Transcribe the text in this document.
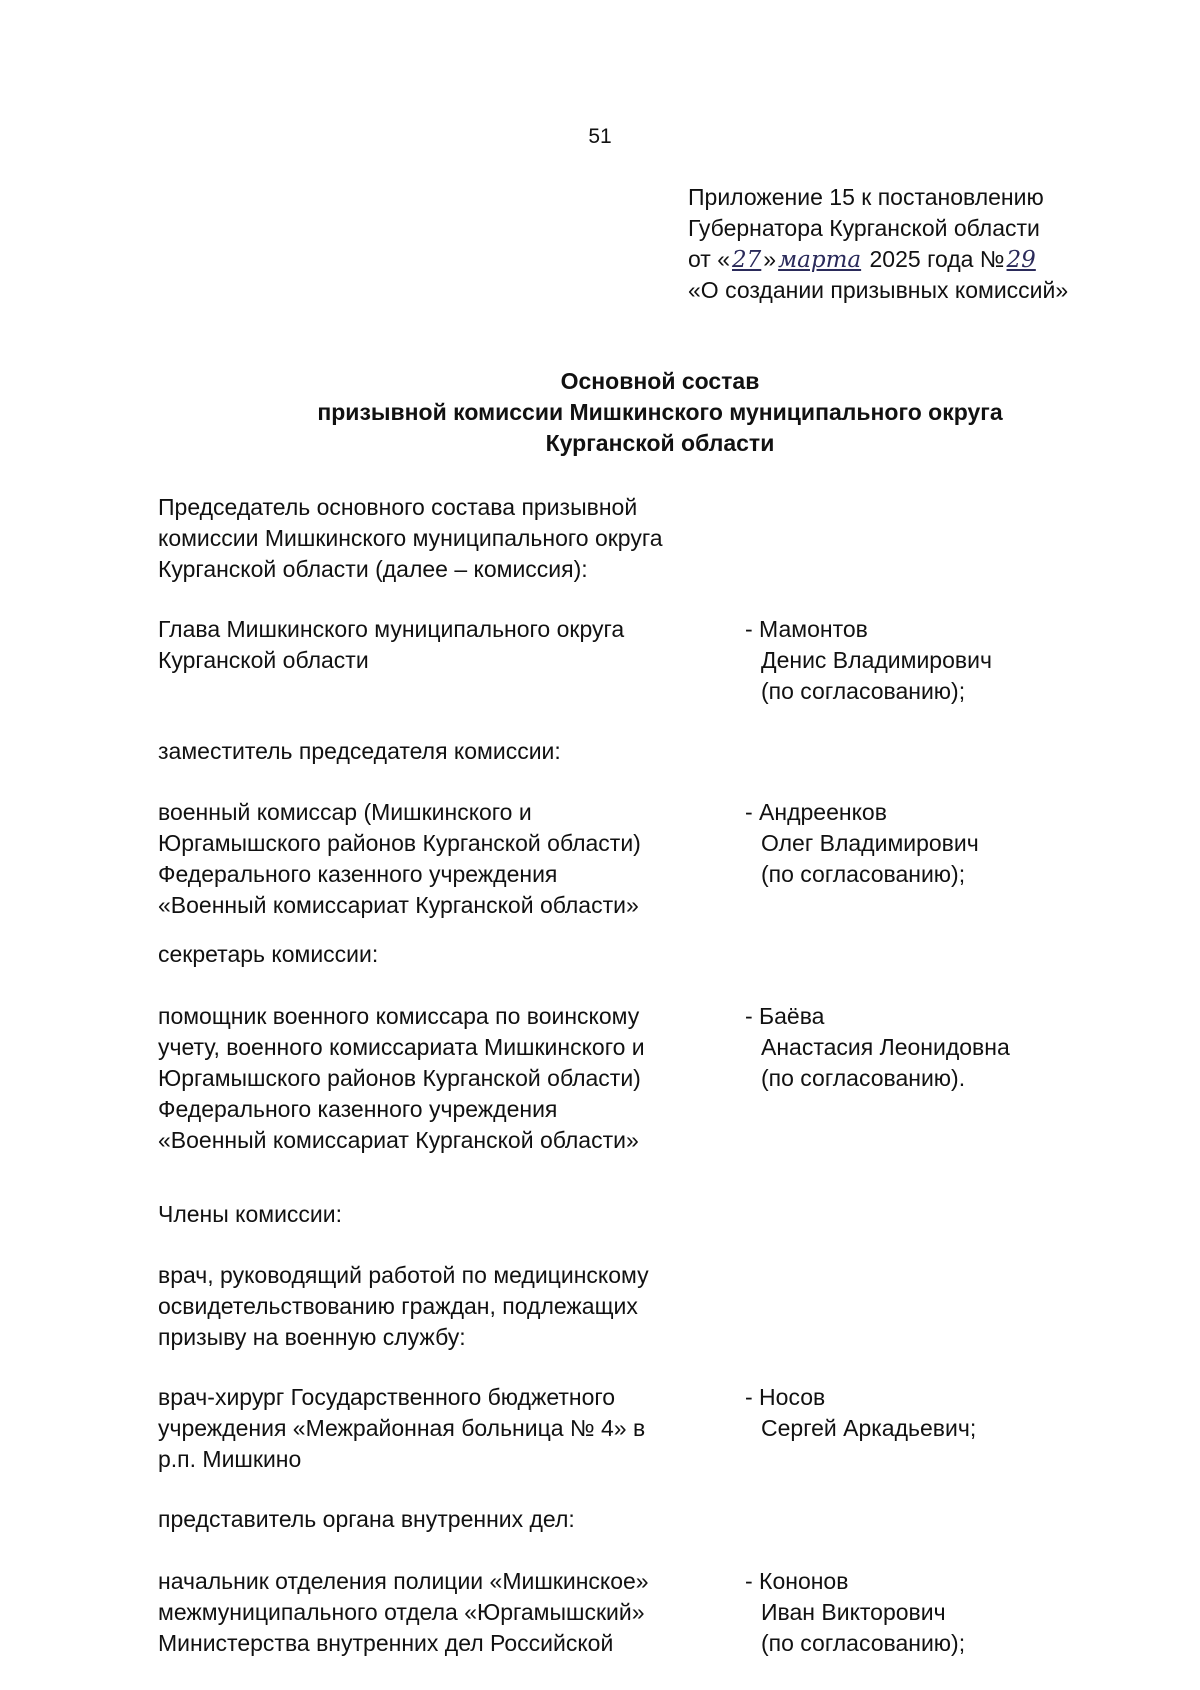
51
Приложение 15 к постановлению
Губернатора Курганской области
от «27»марта 2025 года №29
«О создании призывных комиссий»
Основной состав
призывной комиссии Мишкинского муниципального округа
Курганской области
Председатель основного состава призывной
комиссии Мишкинского муниципального округа
Курганской области (далее – комиссия):
Глава Мишкинского муниципального округа
Курганской области
- Мамонтов
Денис Владимирович
(по согласованию);
заместитель председателя комиссии:
военный комиссар (Мишкинского и
Юргамышского районов Курганской области)
Федерального казенного учреждения
«Военный комиссариат Курганской области»
- Андреенков
Олег Владимирович
(по согласованию);
секретарь комиссии:
помощник военного комиссара по воинскому
учету, военного комиссариата Мишкинского и
Юргамышского районов Курганской области)
Федерального казенного учреждения
«Военный комиссариат Курганской области»
- Баёва
Анастасия Леонидовна
(по согласованию).
Члены комиссии:
врач, руководящий работой по медицинскому
освидетельствованию граждан, подлежащих
призыву на военную службу:
врач-хирург Государственного бюджетного
учреждения «Межрайонная больница № 4» в
р.п. Мишкино
- Носов
Сергей Аркадьевич;
представитель органа внутренних дел:
начальник отделения полиции «Мишкинское»
межмуниципального отдела «Юргамышский»
Министерства внутренних дел Российской
- Кононов
Иван Викторович
(по согласованию);
